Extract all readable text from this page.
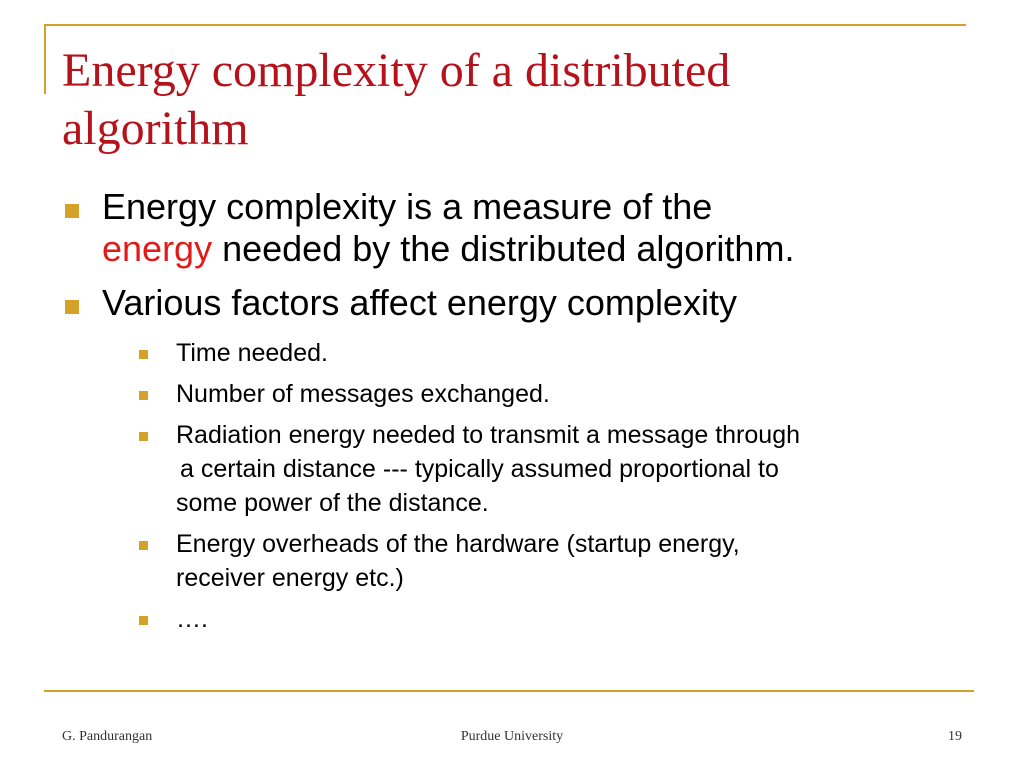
Energy complexity of a distributed
algorithm
Energy complexity is a measure of the
energy needed by the distributed algorithm.
Various factors affect energy complexity
Time needed.
Number of messages exchanged.
Radiation energy needed to transmit a message through
a certain distance --- typically assumed proportional to
some power of the distance.
Energy overheads of the hardware (startup energy,
receiver energy etc.)
….
G. Pandurangan	Purdue University	19
